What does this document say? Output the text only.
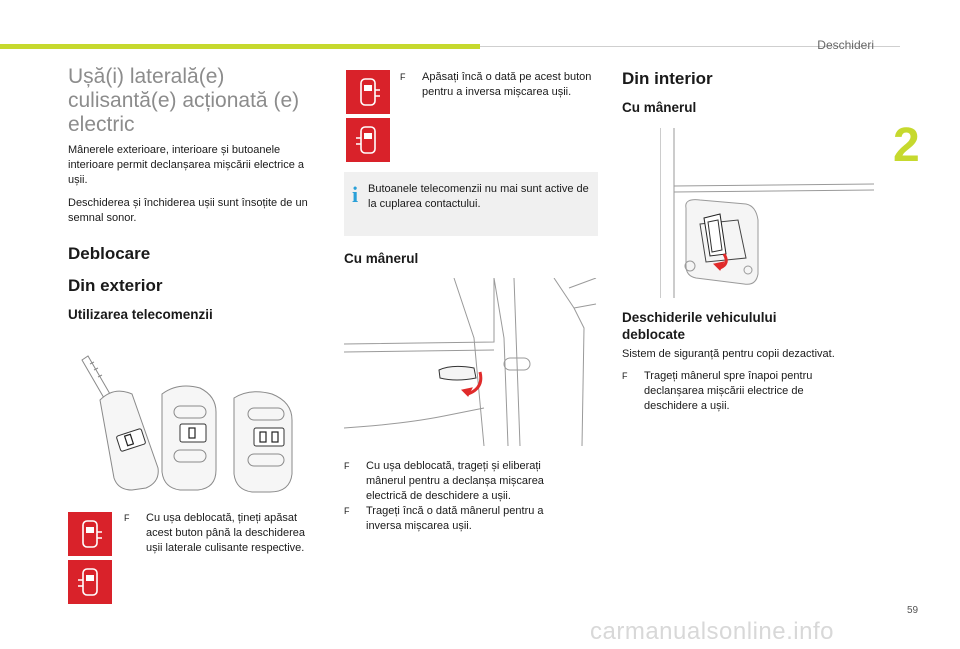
Deschideri
2
59
carmanualsonline.info
Ușă(i) laterală(e) culisantă(e) acționată (e) electric
Mânerele exterioare, interioare și butoanele interioare permit declanșarea mișcării electrice a ușii.
Deschiderea și închiderea ușii sunt însoțite de un semnal sonor.
Deblocare
Din exterior
Utilizarea telecomenzii
F Cu ușa deblocată, țineți apăsat acest buton până la deschiderea ușii laterale culisante respective.
F Apăsați încă o dată pe acest buton pentru a inversa mișcarea ușii.
i Butoanele telecomenzii nu mai sunt active de la cuplarea contactului.
Cu mânerul
F Cu ușa deblocată, trageți și eliberați mânerul pentru a declanșa mișcarea electrică de deschidere a ușii.
F Trageți încă o dată mânerul pentru a inversa mișcarea ușii.
Din interior
Cu mânerul
Deschiderile vehiculului deblocate
Sistem de siguranță pentru copii dezactivat.
F Trageți mânerul spre înapoi pentru declanșarea mișcării electrice de deschidere a ușii.
